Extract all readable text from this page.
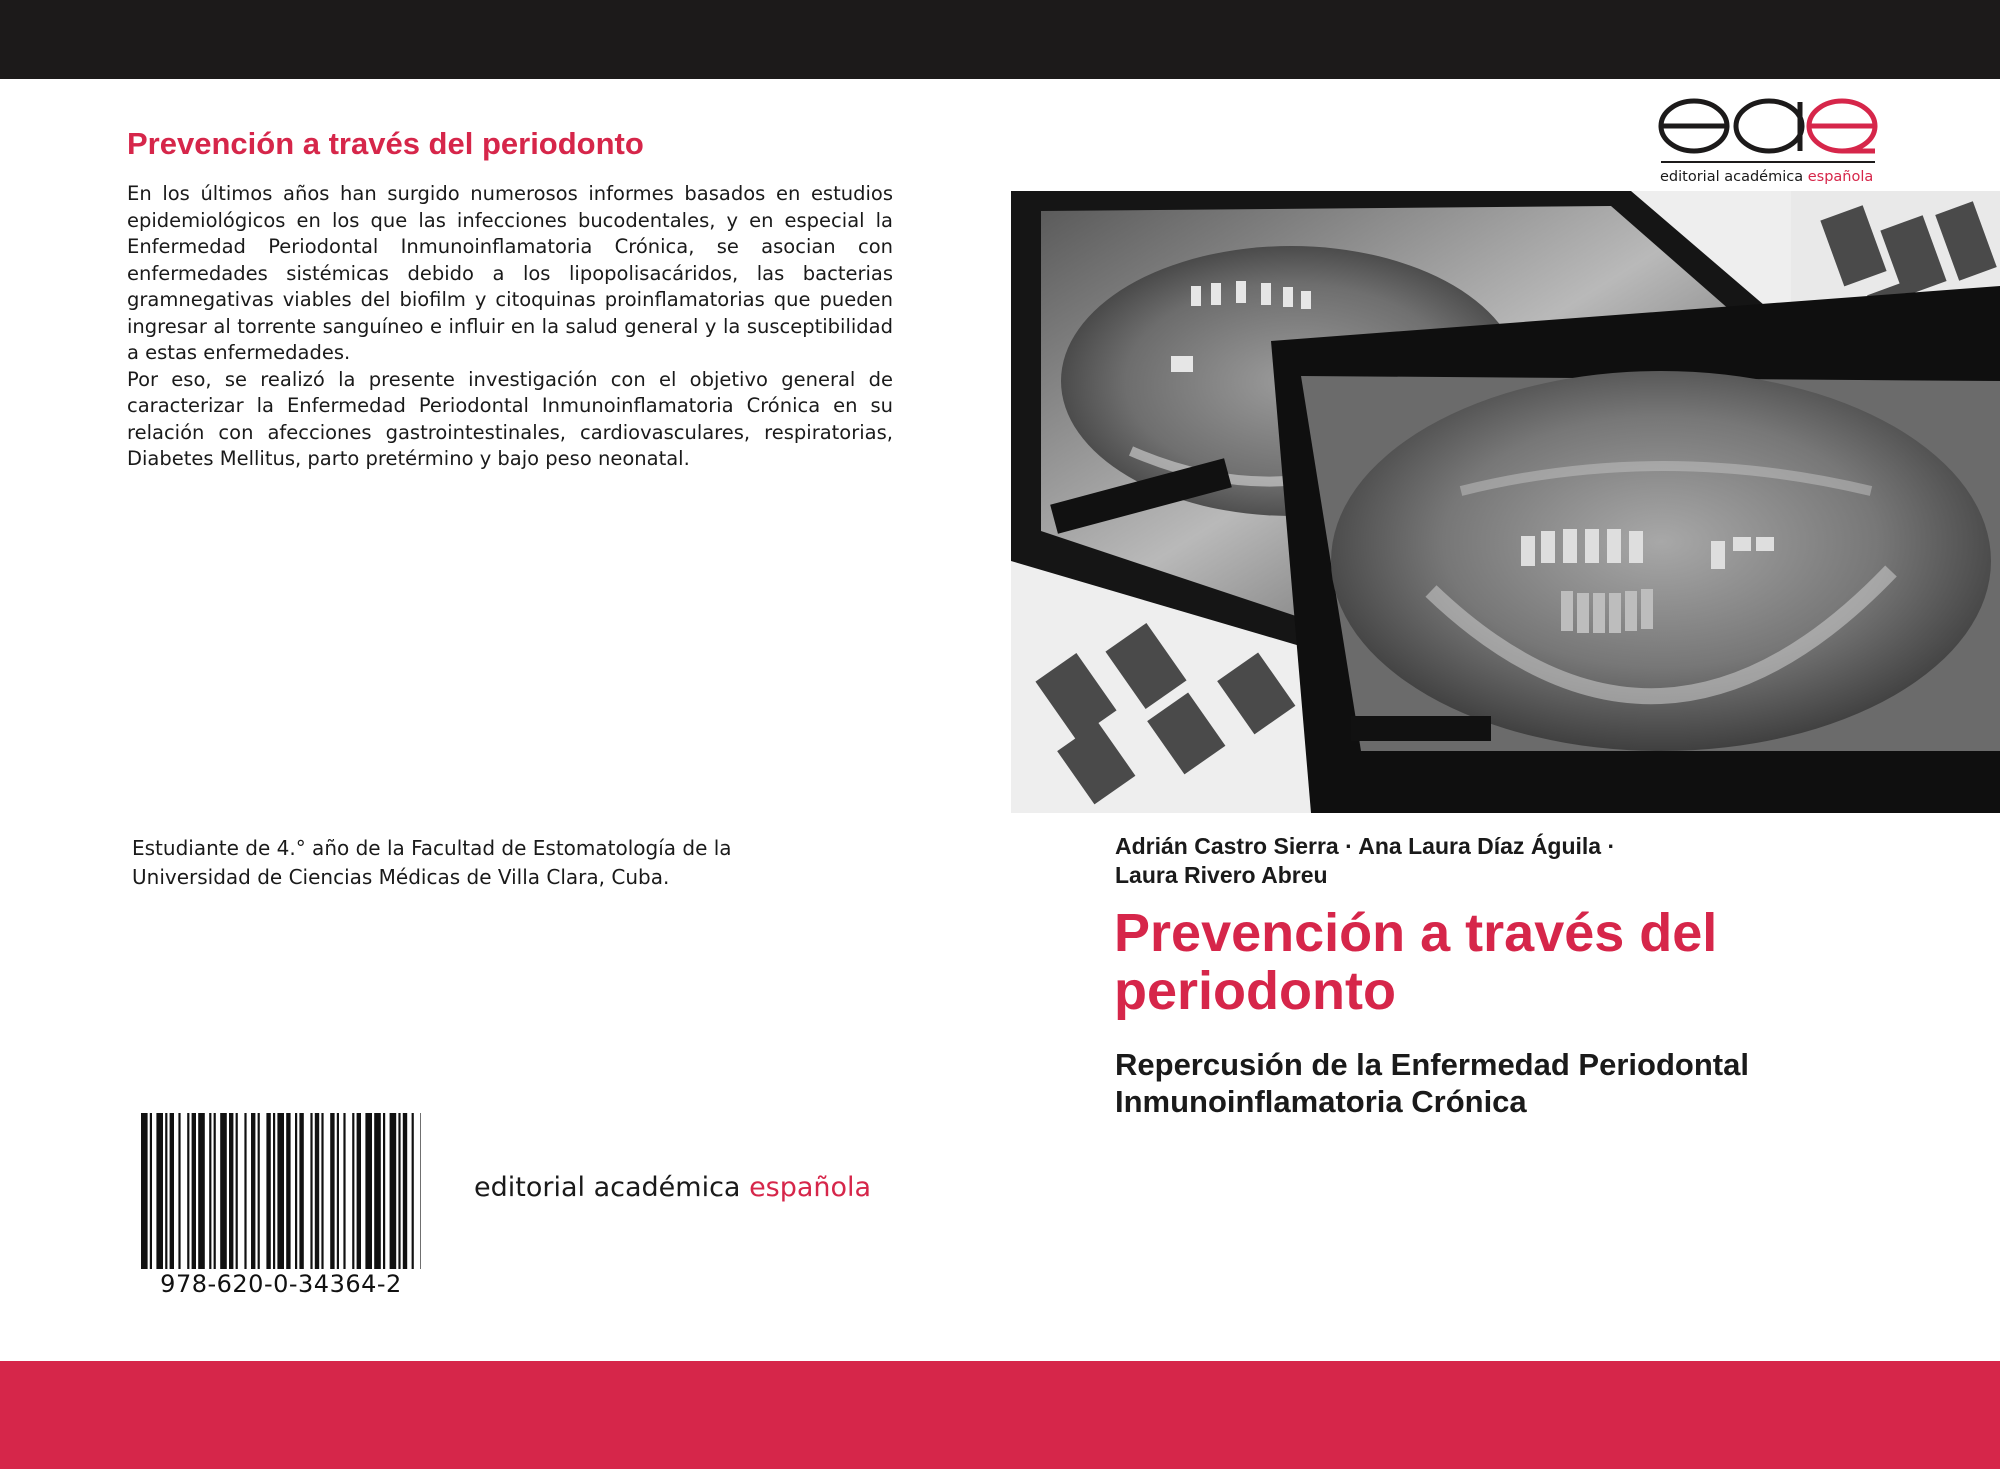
Prevención a través del periodonto

En los últimos años han surgido numerosos informes basados en estudios epidemiológicos en los que las infecciones bucodentales, y en especial la Enfermedad Periodontal Inmunoinflamatoria Crónica, se asocian con enfermedades sistémicas debido a los lipopolisacáridos, las bacterias gramnegativas viables del biofilm y citoquinas proinflamatorias que pueden ingresar al torrente sanguíneo e influir en la salud general y la susceptibilidad a estas enfermedades.

Por eso, se realizó la presente investigación con el objetivo general de caracterizar la Enfermedad Periodontal Inmunoinflamatoria Crónica en su relación con afecciones gastrointestinales, cardiovasculares, respiratorias, Diabetes Mellitus, parto pretérmino y bajo peso neonatal.

Estudiante de 4.° año de la Facultad de Estomatología de la
Universidad de Ciencias Médicas de Villa Clara, Cuba.
978-620-0-34364-2
editorial académica española
editorial académica española
Adrián Castro Sierra · Ana Laura Díaz Águila ·
Laura Rivero Abreu
Prevención a través del
periodonto
Repercusión de la Enfermedad Periodontal
Inmunoinflamatoria Crónica
